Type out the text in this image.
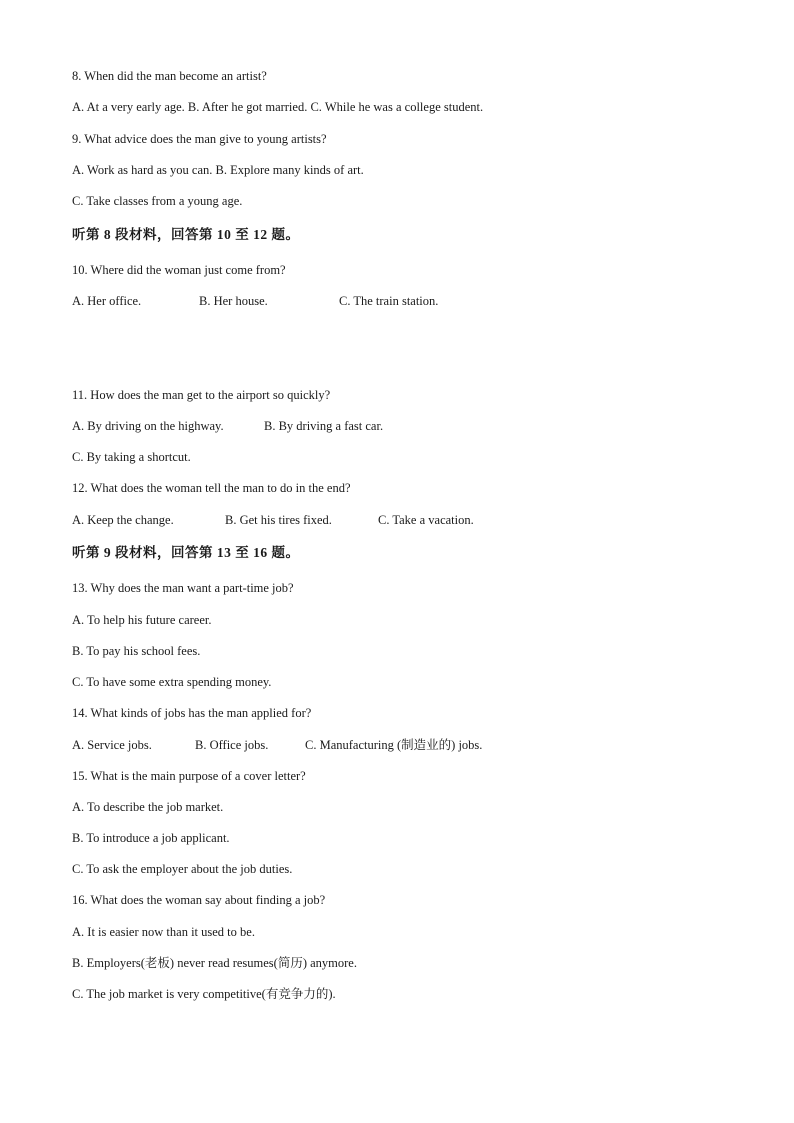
8. When did the man become an artist?
A. At a very early age. B. After he got married. C. While he was a college student.
9. What advice does the man give to young artists?
A. Work as hard as you can. B. Explore many kinds of art.
C. Take classes from a young age.
听第 8 段材料，回答第 10 至 12 题。
10. Where did the woman just come from?
A. Her office.	B. Her house.	C. The train station.
11. How does the man get to the airport so quickly?
A. By driving on the highway.	B. By driving a fast car.
C. By taking a shortcut.
12. What does the woman tell the man to do in the end?
A. Keep the change.	B. Get his tires fixed.	C. Take a vacation.
听第 9 段材料，回答第 13 至 16 题。
13. Why does the man want a part-time job?
A. To help his future career.
B. To pay his school fees.
C. To have some extra spending money.
14. What kinds of jobs has the man applied for?
A. Service jobs.	B. Office jobs.	C. Manufacturing (制造业的) jobs.
15. What is the main purpose of a cover letter?
A. To describe the job market.
B. To introduce a job applicant.
C. To ask the employer about the job duties.
16. What does the woman say about finding a job?
A. It is easier now than it used to be.
B. Employers(老板) never read resumes(简历) anymore.
C. The job market is very competitive(有竞争力的).
